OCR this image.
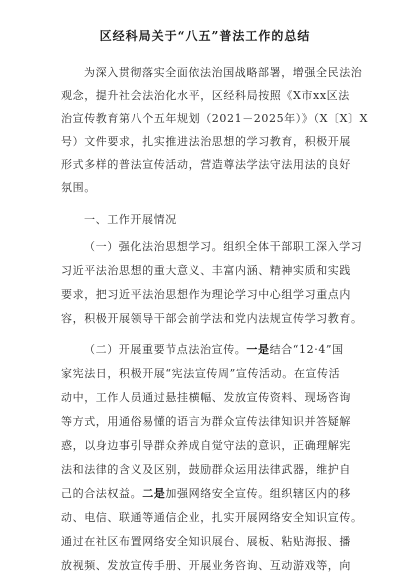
区经科局关于“八五”普法工作的总结
为深入贯彻落实全面依法治国战略部署，增强全民法治
观念，提升社会法治化水平，区经科局按照《X市xx区法
治宣传教育第八个五年规划（2021－2025年）》（X〔X〕X
号）文件要求，扎实推进法治思想的学习教育，积极开展
形式多样的普法宣传活动，营造尊法学法守法用法的良好
氛围。
一、工作开展情况
（一）强化法治思想学习。组织全体干部职工深入学习
习近平法治思想的重大意义、丰富内涵、精神实质和实践
要求，把习近平法治思想作为理论学习中心组学习重点内
容，积极开展领导干部会前学法和党内法规宣传学习教育。
（二）开展重要节点法治宣传。一是结合“12·4”国
家宪法日，积极开展“宪法宣传周”宣传活动。在宣传活
动中，工作人员通过悬挂横幅、发放宣传资料、现场咨询
等方式，用通俗易懂的语言为群众宣传法律知识并答疑解
惑，以身边事引导群众养成自觉守法的意识，正确理解宪
法和法律的含义及区别，鼓励群众运用法律武器，维护自
己的合法权益。二是加强网络安全宣传。组织辖区内的移
动、电信、联通等通信企业，扎实开展网络安全知识宣传。
通过在社区布置网络安全知识展台、展板、粘贴海报、播
放视频、发放宣传手册、开展业务咨询、互动游戏等，向
